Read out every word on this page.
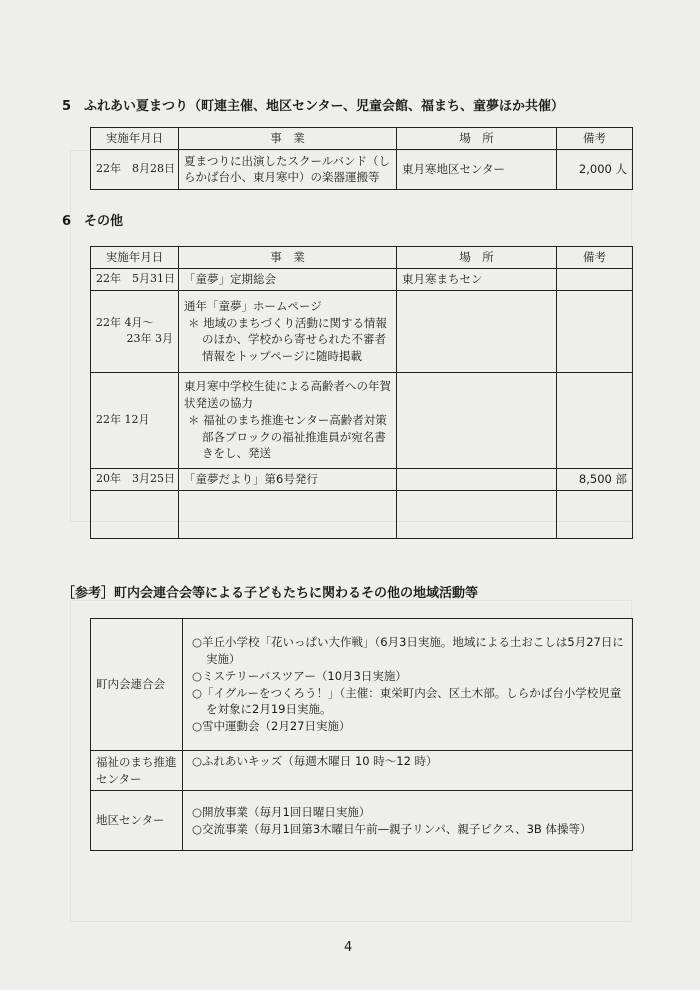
5　ふれあい夏まつり（町連主催、地区センター、児童会館、福まち、童夢ほか共催）
実施年月日	事　業	場　所	備考
22年　8月28日	夏まつりに出演したスクールバンド（しらかば台小、東月寒中）の楽器運搬等	東月寒地区センター	2,000 人
6　その他
実施年月日	事　業	場　所	備考
22年　5月31日	「童夢」定期総会	東月寒まちセン	

22年 4月～
23年 3月	通年「童夢」ホームページ
＊ 地域のまちづくり活動に関する情報のほか、学校から寄せられた不審者情報をトップページに随時掲載		

22年 12月	東月寒中学校生徒による高齢者への年賀状発送の協力
＊ 福祉のまち推進センター高齢者対策部各ブロックの福祉推進員が宛名書きをし、発送		

20年　3月25日	「童夢だより」第6号発行		8,500 部

［参考］町内会連合会等による子どもたちに関わるその他の地域活動等
町内会連合会	○羊丘小学校「花いっぱい大作戦」（6月3日実施。地域による土おこしは5月27日に実施）
○ミステリーバスツアー（10月3日実施）
○「イグルーをつくろう！」（主催：東栄町内会、区土木部。しらかば台小学校児童を対象に2月19日実施。
○雪中運動会（2月27日実施）

福祉のまち推進センター	○ふれあいキッズ（毎週木曜日 10 時～12 時）

地区センター	○開放事業（毎月1回日曜日実施）
○交流事業（毎月1回第3木曜日午前—親子リンパ、親子ピクス、3B 体操等）
4
